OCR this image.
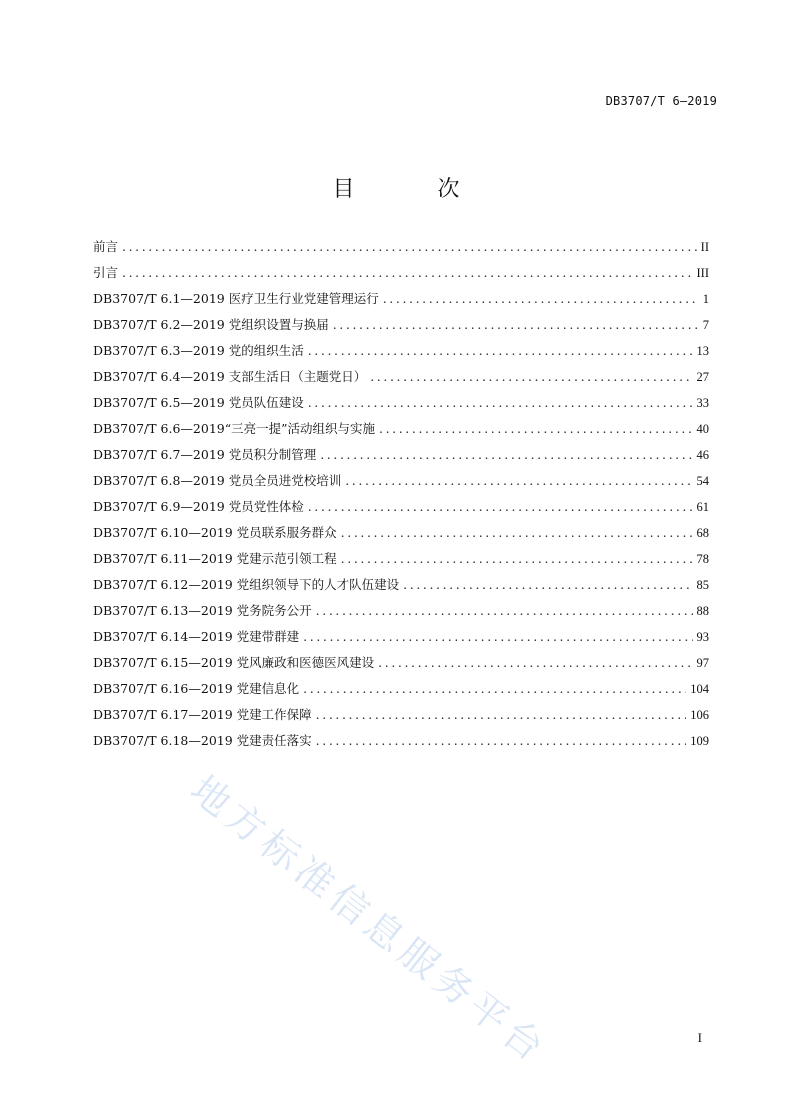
DB3707/T 6—2019
目 次
前言 .....	II
引言 .....	III
DB3707/T 6.1—2019 医疗卫生行业党建管理运行 .....	1
DB3707/T 6.2—2019 党组织设置与换届 .....	7
DB3707/T 6.3—2019 党的组织生活 .....	13
DB3707/T 6.4—2019 支部生活日（主题党日） .....	27
DB3707/T 6.5—2019 党员队伍建设 .....	33
DB3707/T 6.6—2019“三亮一提”活动组织与实施 .....	40
DB3707/T 6.7—2019 党员积分制管理 .....	46
DB3707/T 6.8—2019 党员全员进党校培训 .....	54
DB3707/T 6.9—2019 党员党性体检 .....	61
DB3707/T 6.10—2019 党员联系服务群众 .....	68
DB3707/T 6.11—2019 党建示范引领工程 .....	78
DB3707/T 6.12—2019 党组织领导下的人才队伍建设 .....	85
DB3707/T 6.13—2019 党务院务公开 .....	88
DB3707/T 6.14—2019 党建带群建 .....	93
DB3707/T 6.15—2019 党风廉政和医德医风建设 .....	97
DB3707/T 6.16—2019 党建信息化 .....	104
DB3707/T 6.17—2019 党建工作保障 .....	106
DB3707/T 6.18—2019 党建责任落实 .....	109
地方标准信息服务平台	I
